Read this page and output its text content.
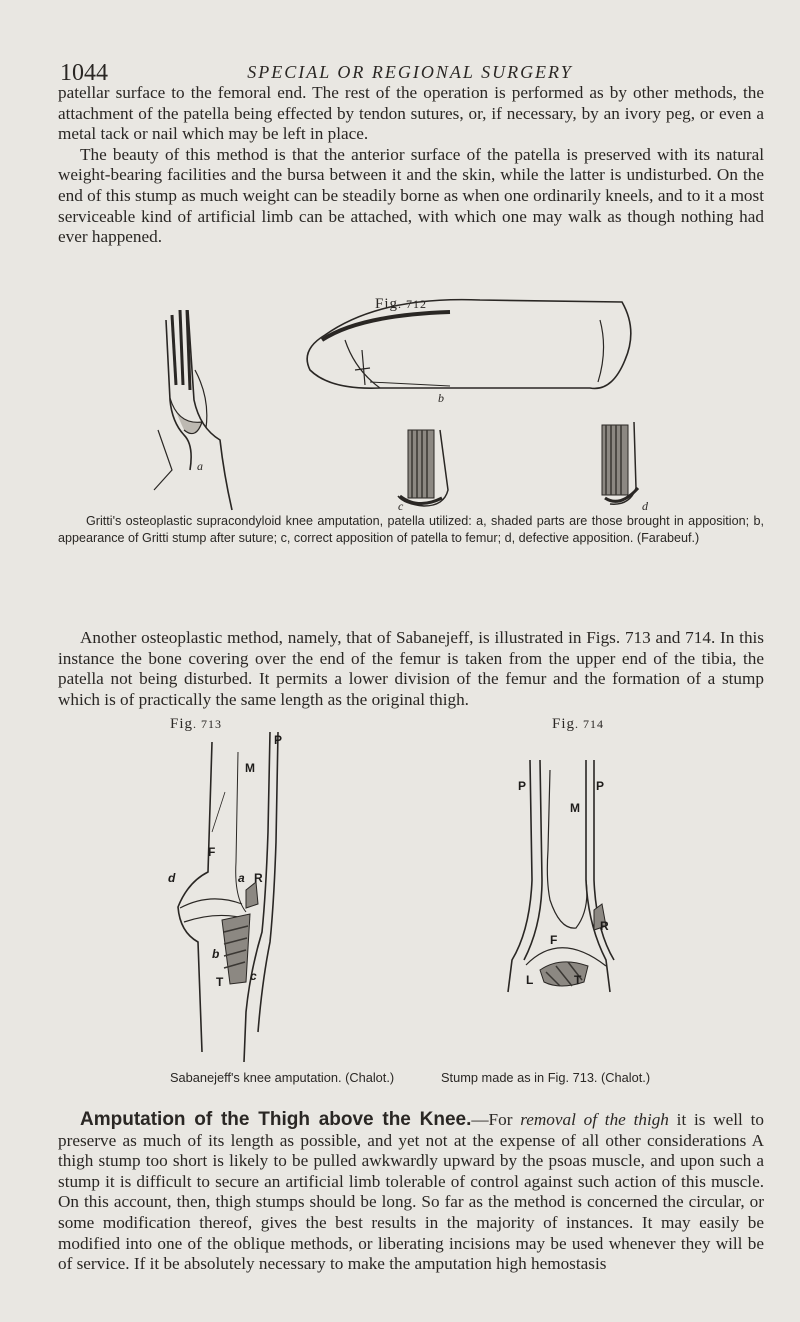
1044	SPECIAL OR REGIONAL SURGERY

patellar surface to the femoral end. The rest of the operation is performed as by other methods, the attachment of the patella being effected by tendon sutures, or, if necessary, by an ivory peg, or even a metal tack or nail which may be left in place.

The beauty of this method is that the anterior surface of the patella is preserved with its natural weight-bearing facilities and the bursa between it and the skin, while the latter is undisturbed. On the end of this stump as much weight can be steadily borne as when one ordinarily kneels, and to it a most serviceable kind of artificial limb can be attached, with which one may walk as though nothing had ever happened.

Fig. 712
a
b
c	d

Gritti's osteoplastic supracondyloid knee amputation, patella utilized: a, shaded parts are those brought in apposition; b, appearance of Gritti stump after suture; c, correct apposition of patella to femur; d, defective apposition. (Farabeuf.)

Another osteoplastic method, namely, that of Sabanejeff, is illustrated in Figs. 713 and 714. In this instance the bone covering over the end of the femur is taken from the upper end of the tibia, the patella not being disturbed. It permits a lower division of the femur and the formation of a stump which is of practically the same length as the original thigh.

Fig. 713
P
M
F
d	a R
b
c
T
Fig. 714
P	P
M
F
R
L	T
Sabanejeff's knee amputation. (Chalot.)	Stump made as in Fig. 713. (Chalot.)

Amputation of the Thigh above the Knee.—For removal of the thigh it is well to preserve as much of its length as possible, and yet not at the expense of all other considerations A thigh stump too short is likely to be pulled awkwardly upward by the psoas muscle, and upon such a stump it is difficult to secure an artificial limb tolerable of control against such action of this muscle. On this account, then, thigh stumps should be long. So far as the method is concerned the circular, or some modification thereof, gives the best results in the majority of instances. It may easily be modified into one of the oblique methods, or liberating incisions may be used whenever they will be of service. If it be absolutely necessary to make the amputation high hemostasis
